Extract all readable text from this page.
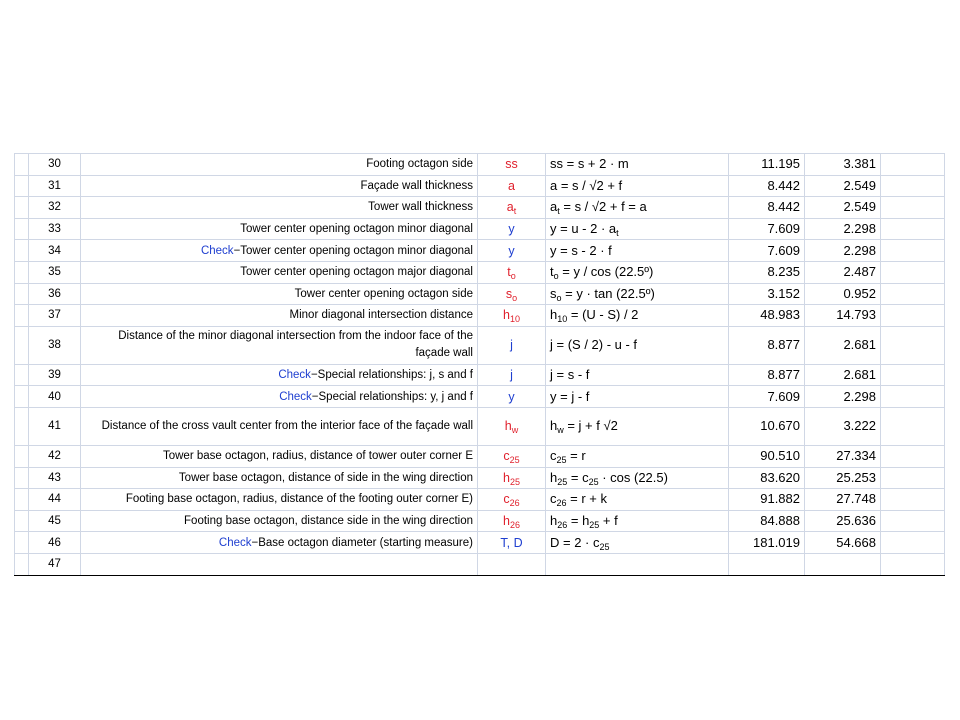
	30	Footing octagon side	ss	ss = s + 2 · m	11.195	3.381	
	31	Façade wall thickness	a	a = s / √2 + f	8.442	2.549	
	32	Tower wall thickness	$a_t$	$a_t = s / √2 + f = a$	8.442	2.549	
	33	Tower center opening octagon minor diagonal	y	$y = u - 2 \cdot a_t$	7.609	2.298	
	34	Check−Tower center opening octagon minor diagonal	y	y = s - 2 · f	7.609	2.298	
	35	Tower center opening octagon major diagonal	$t_o$	$t_o = y / \cos$ (22.5º)	8.235	2.487	
	36	Tower center opening octagon side	$s_o$	$s_o = y \cdot \tan$ (22.5º)	3.152	0.952	
	37	Minor diagonal intersection distance	$h_{10}$	$h_{10} = (U - S) / 2$	48.983	14.793	
	38	Distance of the minor diagonal intersection from the indoor face of the façade wall	j	j = (S / 2) - u - f	8.877	2.681	
	39	Check−Special relationships: j, s and f	j	j = s - f	8.877	2.681	
	40	Check−Special relationships: y, j and f	y	y = j - f	7.609	2.298	
	41	Distance of the cross vault center from the interior face of the façade wall	$h_w$	$h_w = j + f$ √2	10.670	3.222	
	42	Tower base octagon, radius, distance of tower outer corner E	$c_{25}$	$c_{25} = r$	90.510	27.334	
	43	Tower base octagon, distance of side in the wing direction	$h_{25}$	$h_{25} = c_{25} \cdot \cos (22.5)$	83.620	25.253	
	44	Footing base octagon, radius, distance of the footing outer corner E)	$c_{26}$	$c_{26} = r + k$	91.882	27.748	
	45	Footing base octagon, distance side in the wing direction	$h_{26}$	$h_{26} = h_{25} + f$	84.888	25.636	
	46	Check−Base octagon diameter (starting measure)	T, D	$D = 2 \cdot c_{25}$	181.019	54.668	
	47						
